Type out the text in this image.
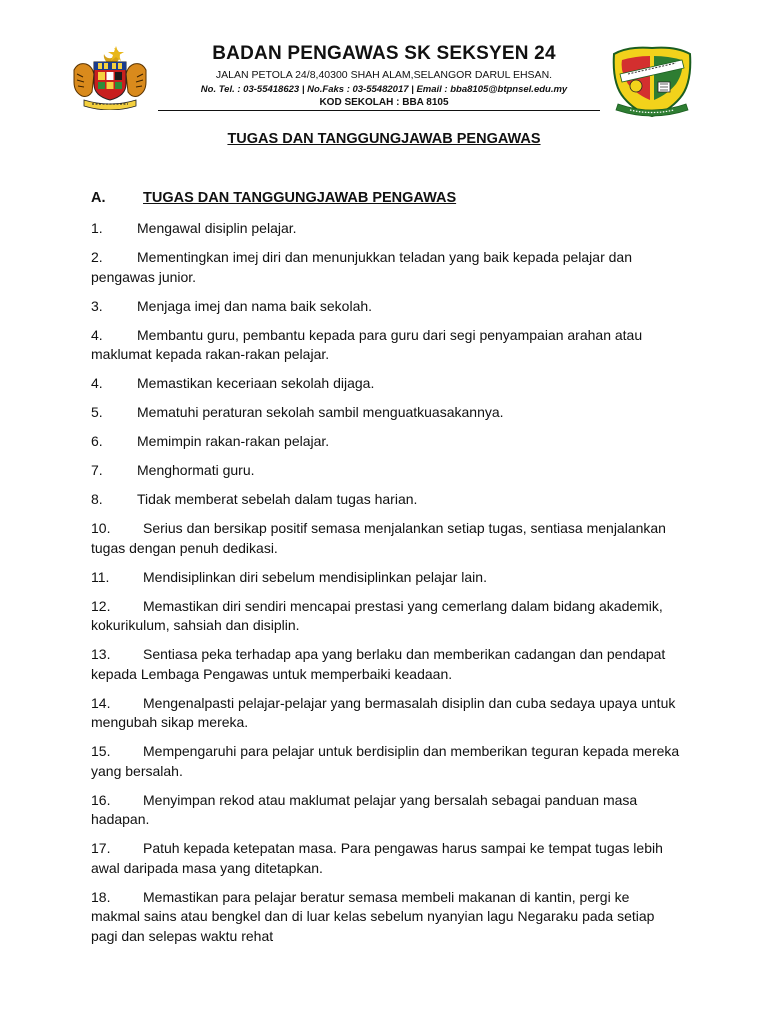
BADAN PENGAWAS SK SEKSYEN 24
JALAN PETOLA 24/8,40300 SHAH ALAM,SELANGOR DARUL EHSAN.
No. Tel. : 03-55418623 | No.Faks : 03-55482017 | Email : bba8105@btpnsel.edu.my
KOD SEKOLAH : BBA 8105
TUGAS DAN TANGGUNGJAWAB PENGAWAS
A.	TUGAS DAN TANGGUNGJAWAB PENGAWAS
1. Mengawal disiplin pelajar.
2. Mementingkan imej diri dan menunjukkan teladan yang baik kepada pelajar dan pengawas junior.
3. Menjaga imej dan nama baik sekolah.
4. Membantu guru, pembantu kepada para guru dari segi penyampaian arahan atau maklumat kepada rakan-rakan pelajar.
4. Memastikan keceriaan sekolah dijaga.
5. Mematuhi peraturan sekolah sambil menguatkuasakannya.
6. Memimpin rakan-rakan pelajar.
7. Menghormati guru.
8. Tidak memberat sebelah dalam tugas harian.
10. Serius dan bersikap positif semasa menjalankan setiap tugas, sentiasa menjalankan tugas dengan penuh dedikasi.
11. Mendisiplinkan diri sebelum mendisiplinkan pelajar lain.
12. Memastikan diri sendiri mencapai prestasi yang cemerlang dalam bidang akademik, kokurikulum, sahsiah dan disiplin.
13. Sentiasa peka terhadap apa yang berlaku dan memberikan cadangan dan pendapat kepada Lembaga Pengawas untuk memperbaiki keadaan.
14. Mengenalpasti pelajar-pelajar yang bermasalah disiplin dan cuba sedaya upaya untuk mengubah sikap mereka.
15. Mempengaruhi para pelajar untuk berdisiplin dan memberikan teguran kepada mereka yang bersalah.
16. Menyimpan rekod atau maklumat pelajar yang bersalah sebagai panduan masa hadapan.
17. Patuh kepada ketepatan masa. Para pengawas harus sampai ke tempat tugas lebih awal daripada masa yang ditetapkan.
18. Memastikan para pelajar beratur semasa membeli makanan di kantin, pergi ke makmal sains atau bengkel dan di luar kelas sebelum nyanyian lagu Negaraku pada setiap pagi dan selepas waktu rehat
